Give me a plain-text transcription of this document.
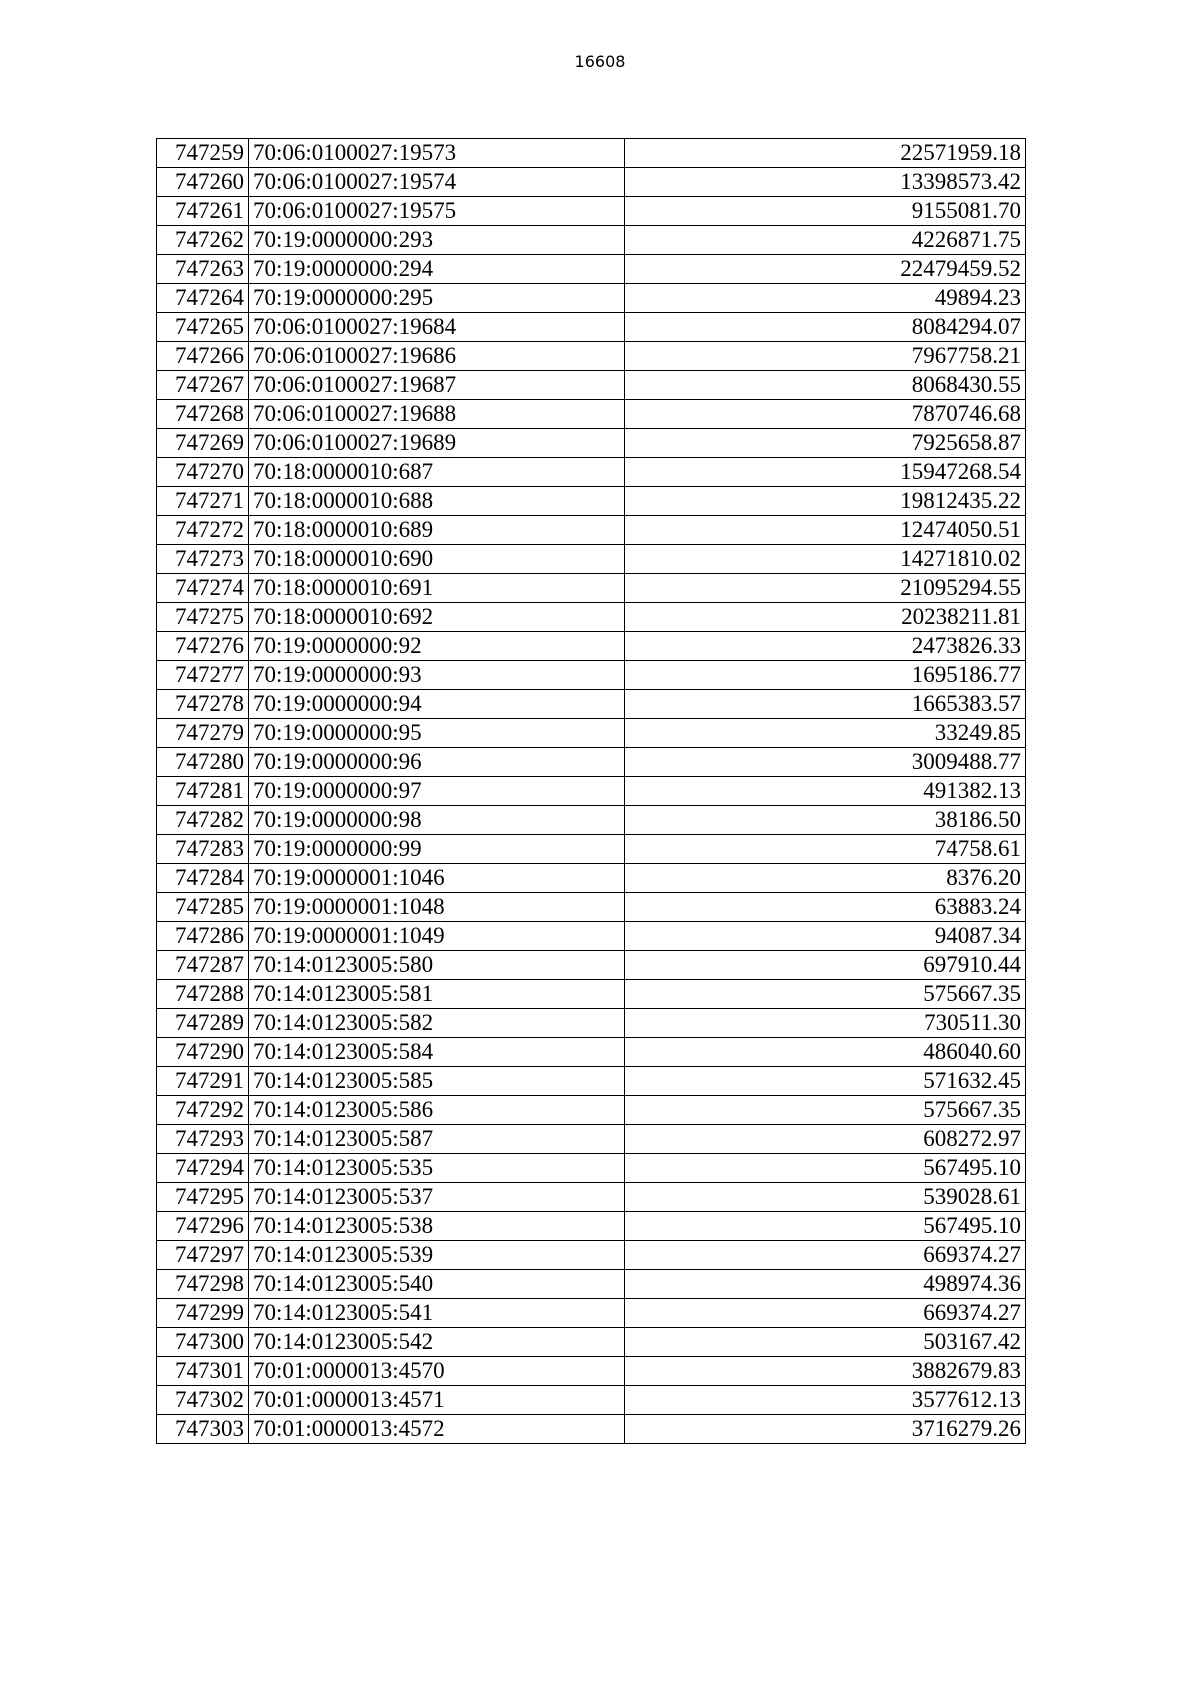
16608
747259	70:06:0100027:19573	22571959.18
747260	70:06:0100027:19574	13398573.42
747261	70:06:0100027:19575	9155081.70
747262	70:19:0000000:293	4226871.75
747263	70:19:0000000:294	22479459.52
747264	70:19:0000000:295	49894.23
747265	70:06:0100027:19684	8084294.07
747266	70:06:0100027:19686	7967758.21
747267	70:06:0100027:19687	8068430.55
747268	70:06:0100027:19688	7870746.68
747269	70:06:0100027:19689	7925658.87
747270	70:18:0000010:687	15947268.54
747271	70:18:0000010:688	19812435.22
747272	70:18:0000010:689	12474050.51
747273	70:18:0000010:690	14271810.02
747274	70:18:0000010:691	21095294.55
747275	70:18:0000010:692	20238211.81
747276	70:19:0000000:92	2473826.33
747277	70:19:0000000:93	1695186.77
747278	70:19:0000000:94	1665383.57
747279	70:19:0000000:95	33249.85
747280	70:19:0000000:96	3009488.77
747281	70:19:0000000:97	491382.13
747282	70:19:0000000:98	38186.50
747283	70:19:0000000:99	74758.61
747284	70:19:0000001:1046	8376.20
747285	70:19:0000001:1048	63883.24
747286	70:19:0000001:1049	94087.34
747287	70:14:0123005:580	697910.44
747288	70:14:0123005:581	575667.35
747289	70:14:0123005:582	730511.30
747290	70:14:0123005:584	486040.60
747291	70:14:0123005:585	571632.45
747292	70:14:0123005:586	575667.35
747293	70:14:0123005:587	608272.97
747294	70:14:0123005:535	567495.10
747295	70:14:0123005:537	539028.61
747296	70:14:0123005:538	567495.10
747297	70:14:0123005:539	669374.27
747298	70:14:0123005:540	498974.36
747299	70:14:0123005:541	669374.27
747300	70:14:0123005:542	503167.42
747301	70:01:0000013:4570	3882679.83
747302	70:01:0000013:4571	3577612.13
747303	70:01:0000013:4572	3716279.26
